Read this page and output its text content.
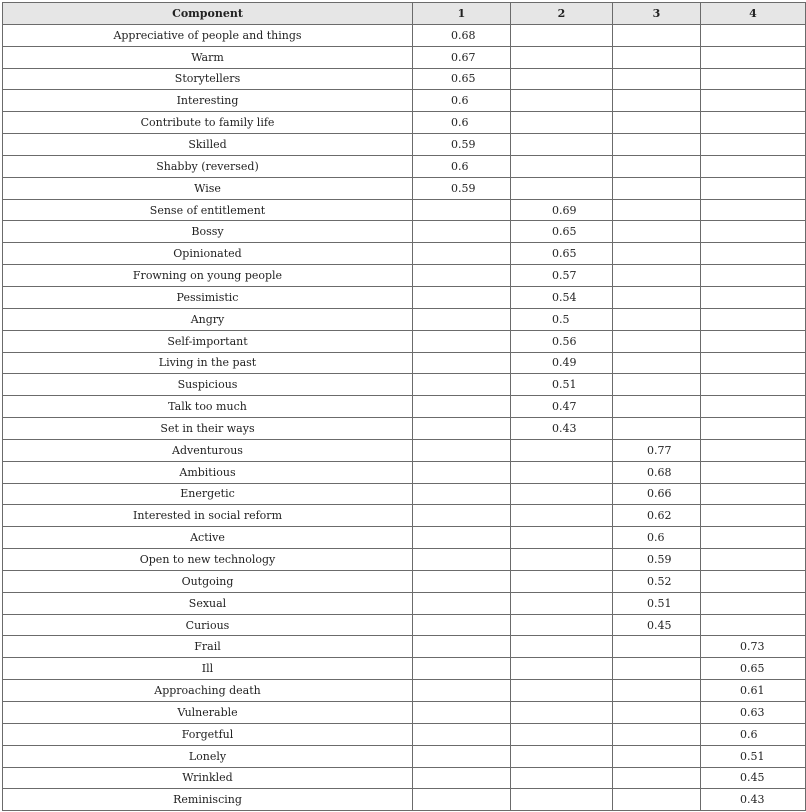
Component	1	2	3	4
Appreciative of people and things	0.68			
Warm	0.67			
Storytellers	0.65			
Interesting	0.6			
Contribute to family life	0.6			
Skilled	0.59			
Shabby (reversed)	0.6			
Wise	0.59			
Sense of entitlement		0.69		
Bossy		0.65		
Opinionated		0.65		
Frowning on young people		0.57		
Pessimistic		0.54		
Angry		0.5		
Self-important		0.56		
Living in the past		0.49		
Suspicious		0.51		
Talk too much		0.47		
Set in their ways		0.43		
Adventurous			0.77	
Ambitious			0.68	
Energetic			0.66	
Interested in social reform			0.62	
Active			0.6	
Open to new technology			0.59	
Outgoing			0.52	
Sexual			0.51	
Curious			0.45	
Frail				0.73
Ill				0.65
Approaching death				0.61
Vulnerable				0.63
Forgetful				0.6
Lonely				0.51
Wrinkled				0.45
Reminiscing				0.43
